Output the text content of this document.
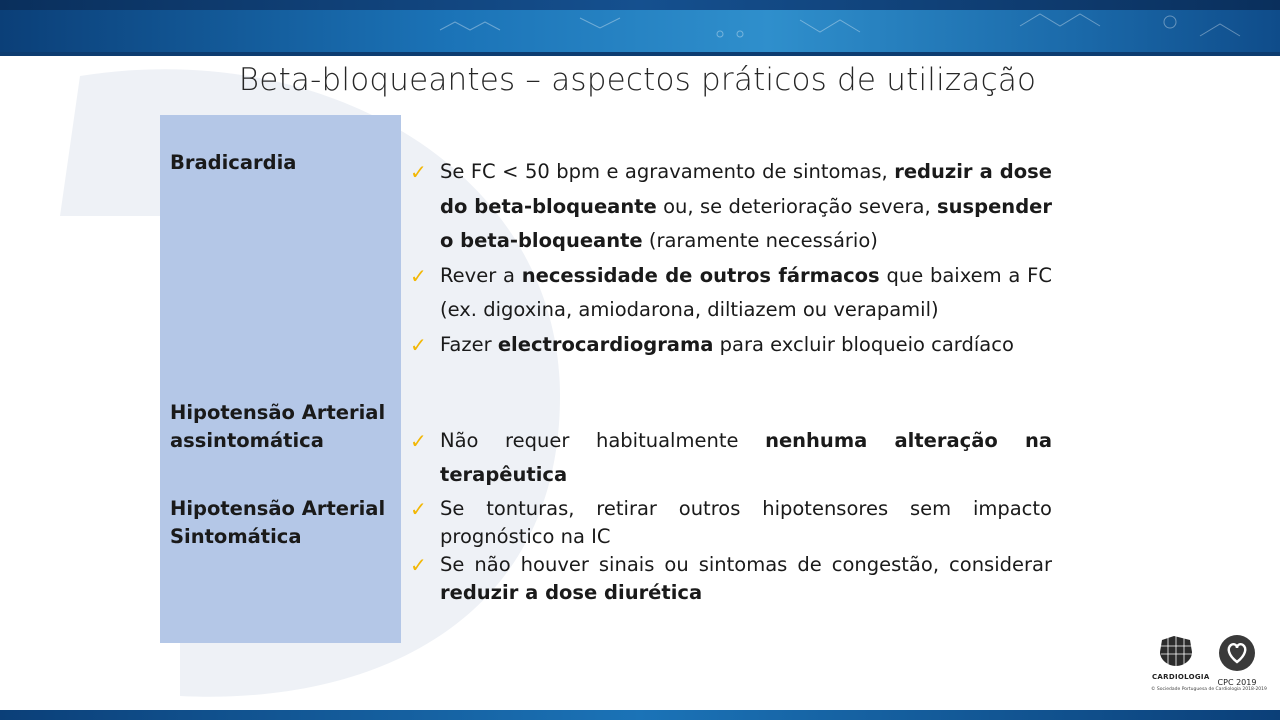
Beta-bloqueantes – aspectos práticos de utilização
Bradicardia
Hipotensão Arterial assintomática
Hipotensão Arterial Sintomática
✓ Se FC < 50 bpm e agravamento de sintomas, reduzir a dose do beta-bloqueante ou, se deterioração severa, suspender o beta-bloqueante (raramente necessário)
✓ Rever a necessidade de outros fármacos que baixem a FC (ex. digoxina, amiodarona, diltiazem ou verapamil)
✓ Fazer electrocardiograma para excluir bloqueio cardíaco
✓ Não requer habitualmente nenhuma alteração na terapêutica
✓ Se tonturas, retirar outros hipotensores sem impacto prognóstico na IC
✓ Se não houver sinais ou sintomas de congestão, considerar reduzir a dose diurética
CARDIOLOGIA
CPC 2019
© Sociedade Portuguesa de Cardiologia 2018-2019
